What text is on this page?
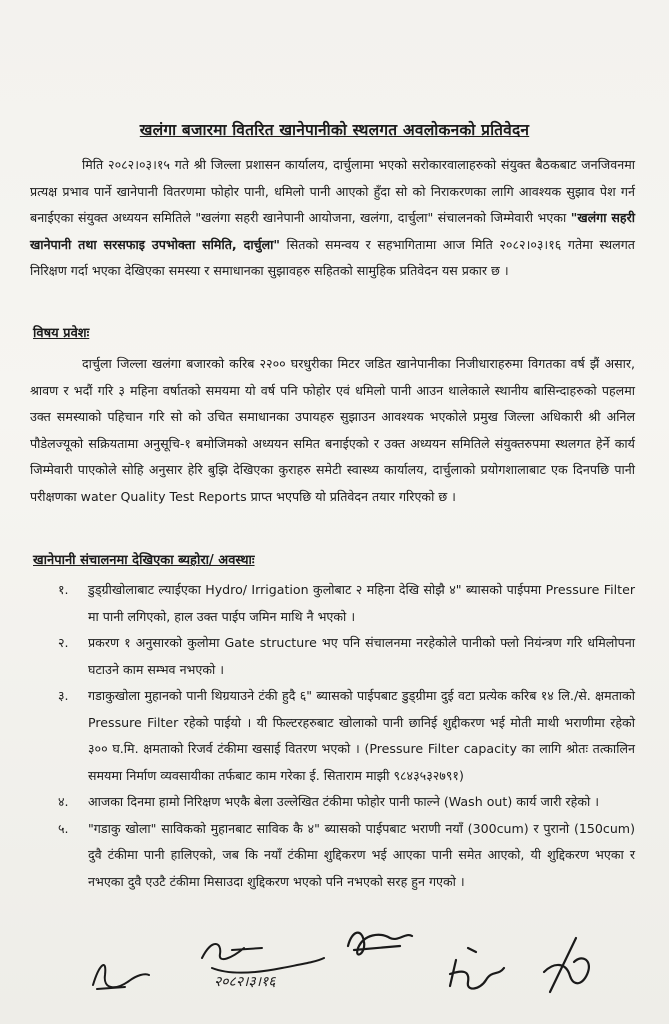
खलंगा बजारमा वितरित खानेपानीको स्थलगत अवलोकनको प्रतिवेदन

मिति २०८२।०३।१५ गते श्री जिल्ला प्रशासन कार्यालय, दार्चुलामा भएको सरोकारवालाहरुको संयुक्त बैठकबाट जनजिवनमा प्रत्यक्ष प्रभाव पार्ने खानेपानी वितरणमा फोहोर पानी, धमिलो पानी आएको हुँदा सो को निराकरणका लागि आवश्यक सुझाव पेश गर्न बनाईएका संयुक्त अध्ययन समितिले "खलंगा सहरी खानेपानी आयोजना, खलंगा, दार्चुला" संचालनको जिम्मेवारी भएका "खलंगा सहरी खानेपानी तथा सरसफाइ उपभोक्ता समिति, दार्चुला" सितको समन्वय र सहभागितामा आज मिति २०८२।०३।१६ गतेमा स्थलगत निरिक्षण गर्दा भएका देखिएका समस्या र समाधानका सुझावहरु सहितको सामुहिक प्रतिवेदन यस प्रकार छ ।

विषय प्रवेशः

दार्चुला जिल्ला खलंगा बजारको करिब २२०० घरधुरीका मिटर जडित खानेपानीका निजीधाराहरुमा विगतका वर्ष झैं असार, श्रावण र भदौं गरि ३ महिना वर्षातको समयमा यो वर्ष पनि फोहोर एवं धमिलो पानी आउन थालेकाले स्थानीय बासिन्दाहरुको पहलमा उक्त समस्याको पहिचान गरि सो को उचित समाधानका उपायहरु सुझाउन आवश्यक भएकोले प्रमुख जिल्ला अधिकारी श्री अनिल पौडेलज्यूको सक्रियतामा अनुसूचि-१ बमोजिमको अध्ययन समित बनाईएको र उक्त अध्ययन समितिले संयुक्तरुपमा स्थलगत हेर्ने कार्य जिम्मेवारी पाएकोले सोहि अनुसार हेरि बुझि देखिएका कुराहरु समेटी स्वास्थ्य कार्यालय, दार्चुलाको प्रयोगशालाबाट एक दिनपछि पानी परीक्षणका water Quality Test Reports प्राप्त भएपछि यो प्रतिवेदन तयार गरिएको छ ।

खानेपानी संचालनमा देखिएका ब्यहोरा/ अवस्थाः
१. डुड्ग्रीखोलाबाट ल्याईएका Hydro/ Irrigation कुलोबाट २ महिना देखि सोझै ४" ब्यासको पाईपमा Pressure Filter मा पानी लगिएको, हाल उक्त पाईप जमिन माथि नै भएको ।
२. प्रकरण १ अनुसारको कुलोमा Gate structure भए पनि संचालनमा नरहेकोले पानीको फ्लो नियंन्त्रण गरि धमिलोपना घटाउने काम सम्भव नभएको ।
३. गडाकुखोला मुहानको पानी थिग्रयाउने टंकी हुदै ६" ब्यासको पाईपबाट डुड्ग्रीमा दुई वटा प्रत्येक करिब १४ लि./से. क्षमताको Pressure Filter रहेको पाईयो । यी फिल्टरहरुबाट खोलाको पानी छानिई शुद्दीकरण भई मोती माथी भराणीमा रहेको ३०० घ.मि. क्षमताको रिजर्व टंकीमा खसाई वितरण भएको । (Pressure Filter capacity का लागि श्रोतः तत्कालिन समयमा निर्माण व्यवसायीका तर्फबाट काम गरेका ई. सिताराम माझी ९८४३५३२७९१)
४. आजका दिनमा हामो निरिक्षण भएकै बेला उल्लेखित टंकीमा फोहोर पानी फाल्ने (Wash out) कार्य जारी रहेको ।
५. "गडाकु खोला" साविकको मुहानबाट साविक कै ४" ब्यासको पाईपबाट भराणी नयाँ (300cum) र पुरानो (150cum) दुवै टंकीमा पानी हालिएको, जब कि नयाँ टंकीमा शुद्दिकरण भई आएका पानी समेत आएको, यी शुद्दिकरण भएका र नभएका दुवै एउटै टंकीमा मिसाउदा शुद्दिकरण भएको पनि नभएको सरह हुन गएको ।
२०८२।३।१६
